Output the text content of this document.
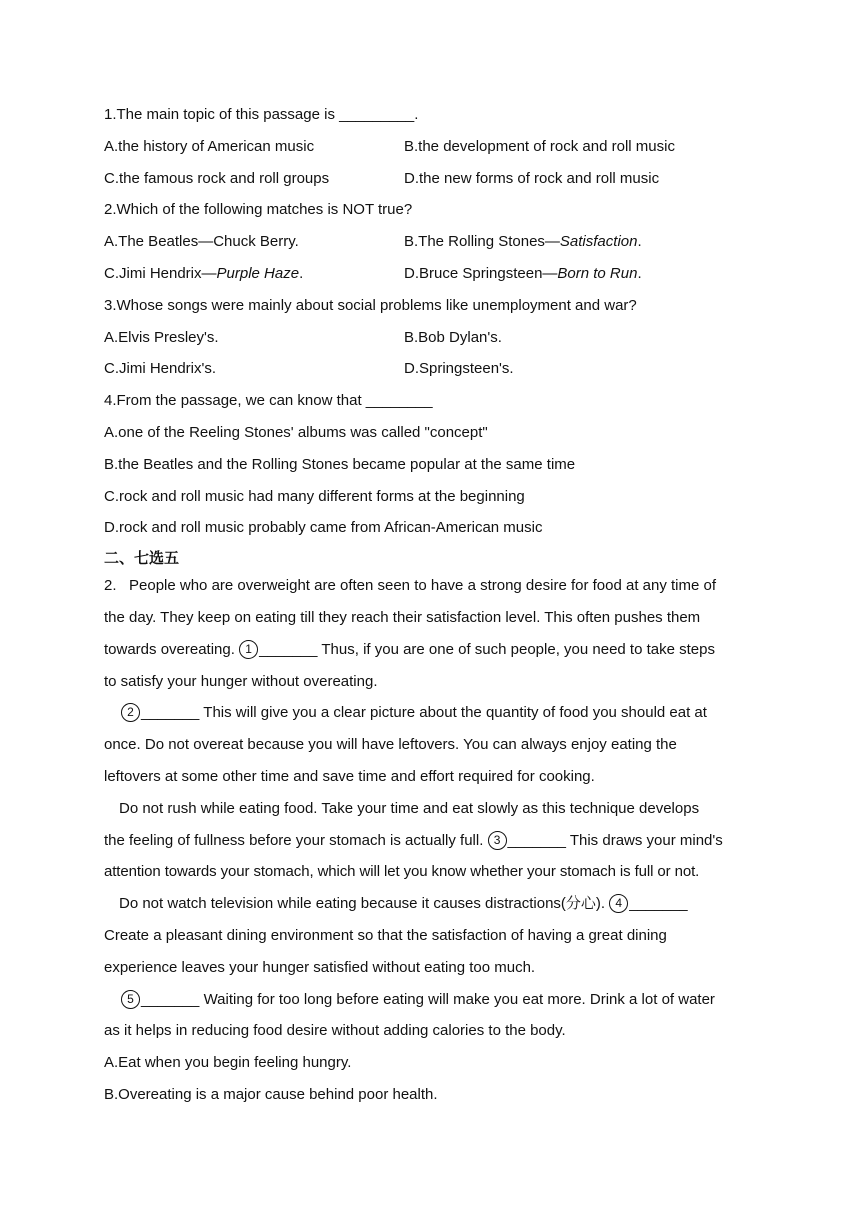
1.The main topic of this passage is _________.
A.the history of American music	B.the development of rock and roll music
C.the famous rock and roll groups	D.the new forms of rock and roll music
2.Which of the following matches is NOT true?
A.The Beatles—Chuck Berry.	B.The Rolling Stones—Satisfaction.
C.Jimi Hendrix—Purple Haze.	D.Bruce Springsteen—Born to Run.
3.Whose songs were mainly about social problems like unemployment and war?
A.Elvis Presley's.	B.Bob Dylan's.
C.Jimi Hendrix's.	D.Springsteen's.
4.From the passage, we can know that ________
A.one of the Reeling Stones' albums was called "concept"
B.the Beatles and the Rolling Stones became popular at the same time
C.rock and roll music had many different forms at the beginning
D.rock and roll music probably came from African-American music
二、七选五
2.   People who are overweight are often seen to have a strong desire for food at any time of
the day. They keep on eating till they reach their satisfaction level. This often pushes them
towards overeating. 1 _______ Thus, if you are one of such people, you need to take steps
to satisfy your hunger without overeating.
2 _______ This will give you a clear picture about the quantity of food you should eat at
once. Do not overeat because you will have leftovers. You can always enjoy eating the
leftovers at some other time and save time and effort required for cooking.
Do not rush while eating food. Take your time and eat slowly as this technique develops
the feeling of fullness before your stomach is actually full. 3 _______ This draws your mind's
attention towards your stomach, which will let you know whether your stomach is full or not.
Do not watch television while eating because it causes distractions(分心). 4 _______
Create a pleasant dining environment so that the satisfaction of having a great dining
experience leaves your hunger satisfied without eating too much.
5 _______ Waiting for too long before eating will make you eat more. Drink a lot of water
as it helps in reducing food desire without adding calories to the body.
A.Eat when you begin feeling hungry.
B.Overeating is a major cause behind poor health.
